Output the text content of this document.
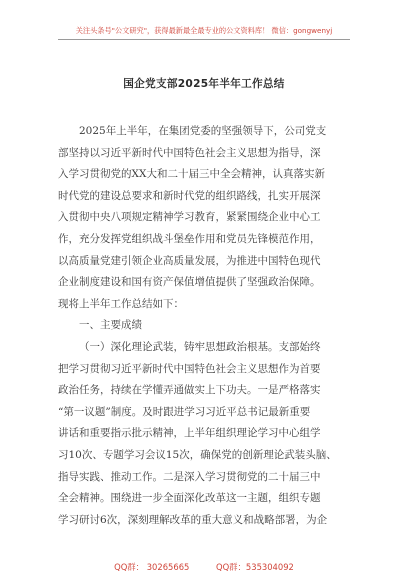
关注头条号"公文研究"，获得最新最全最专业的公文资料库！ 微信：gongwenyj
国企党支部2025年半年工作总结
2025年上半年，在集团党委的坚强领导下，公司党支
部坚持以习近平新时代中国特色社会主义思想为指导，深
入学习贯彻党的XX大和二十届三中全会精神，认真落实新
时代党的建设总要求和新时代党的组织路线，扎实开展深
入贯彻中央八项规定精神学习教育，紧紧围绕企业中心工
作，充分发挥党组织战斗堡垒作用和党员先锋模范作用，
以高质量党建引领企业高质量发展，为推进中国特色现代
企业制度建设和国有资产保值增值提供了坚强政治保障。
现将上半年工作总结如下：
一、主要成绩
（一）深化理论武装，铸牢思想政治根基。支部始终
把学习贯彻习近平新时代中国特色社会主义思想作为首要
政治任务，持续在学懂弄通做实上下功夫。一是严格落实
“第一议题”制度。及时跟进学习习近平总书记最新重要
讲话和重要指示批示精神，上半年组织理论学习中心组学
习10次、专题学习会议15次，确保党的创新理论武装头脑、
指导实践、推动工作。二是深入学习贯彻党的二十届三中
全会精神。围绕进一步全面深化改革这一主题，组织专题
学习研讨6次，深刻理解改革的重大意义和战略部署，为企
QQ群： 30265665	QQ群：535304092
